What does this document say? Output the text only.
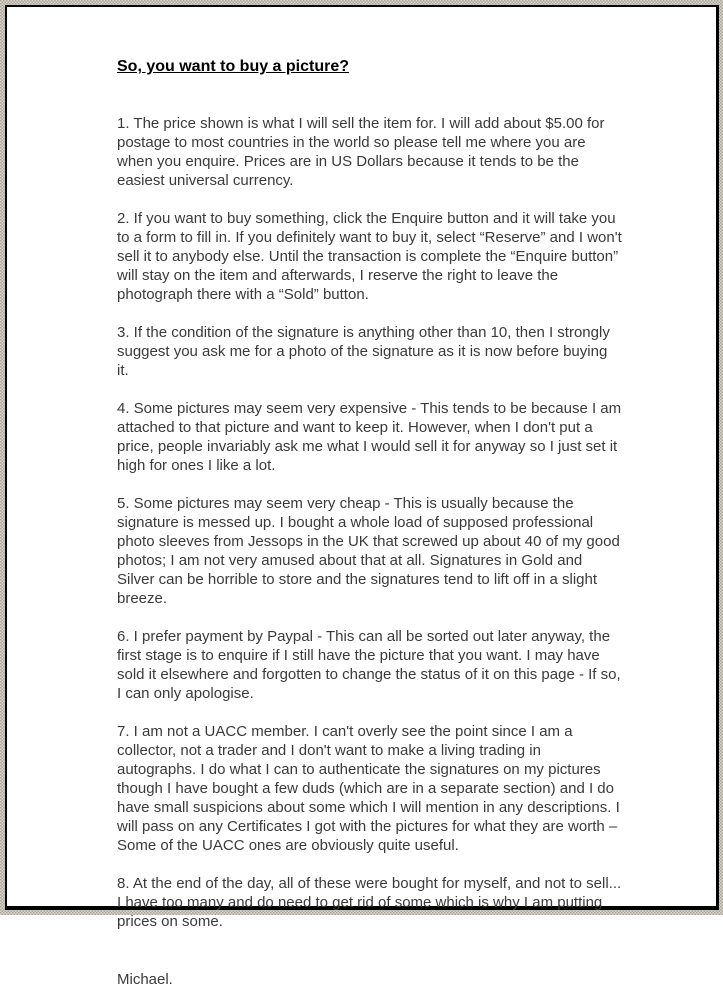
So, you want to buy a picture?

1. The price shown is what I will sell the item for. I will add about $5.00 for postage to most countries in the world so please tell me where you are when you enquire. Prices are in US Dollars because it tends to be the easiest universal currency.

2. If you want to buy something, click the Enquire button and it will take you to a form to fill in. If you definitely want to buy it, select “Reserve” and I won't sell it to anybody else. Until the transaction is complete the “Enquire button” will stay on the item and afterwards, I reserve the right to leave the photograph there with a “Sold” button.

3. If the condition of the signature is anything other than 10, then I strongly suggest you ask me for a photo of the signature as it is now before buying it.

4. Some pictures may seem very expensive - This tends to be because I am attached to that picture and want to keep it. However, when I don't put a price, people invariably ask me what I would sell it for anyway so I just set it high for ones I like a lot.

5. Some pictures may seem very cheap - This is usually because the signature is messed up. I bought a whole load of supposed professional photo sleeves from Jessops in the UK that screwed up about 40 of my good photos; I am not very amused about that at all. Signatures in Gold and Silver can be horrible to store and the signatures tend to lift off in a slight breeze.

6. I prefer payment by Paypal - This can all be sorted out later anyway, the first stage is to enquire if I still have the picture that you want. I may have sold it elsewhere and forgotten to change the status of it on this page - If so, I can only apologise.

7. I am not a UACC member. I can't overly see the point since I am a collector, not a trader and I don't want to make a living trading in autographs. I do what I can to authenticate the signatures on my pictures though I have bought a few duds (which are in a separate section) and I do have small suspicions about some which I will mention in any descriptions. I will pass on any Certificates I got with the pictures for what they are worth – Some of the UACC ones are obviously quite useful.

8. At the end of the day, all of these were bought for myself, and not to sell... I have too many and do need to get rid of some which is why I am putting prices on some.

Michael.
